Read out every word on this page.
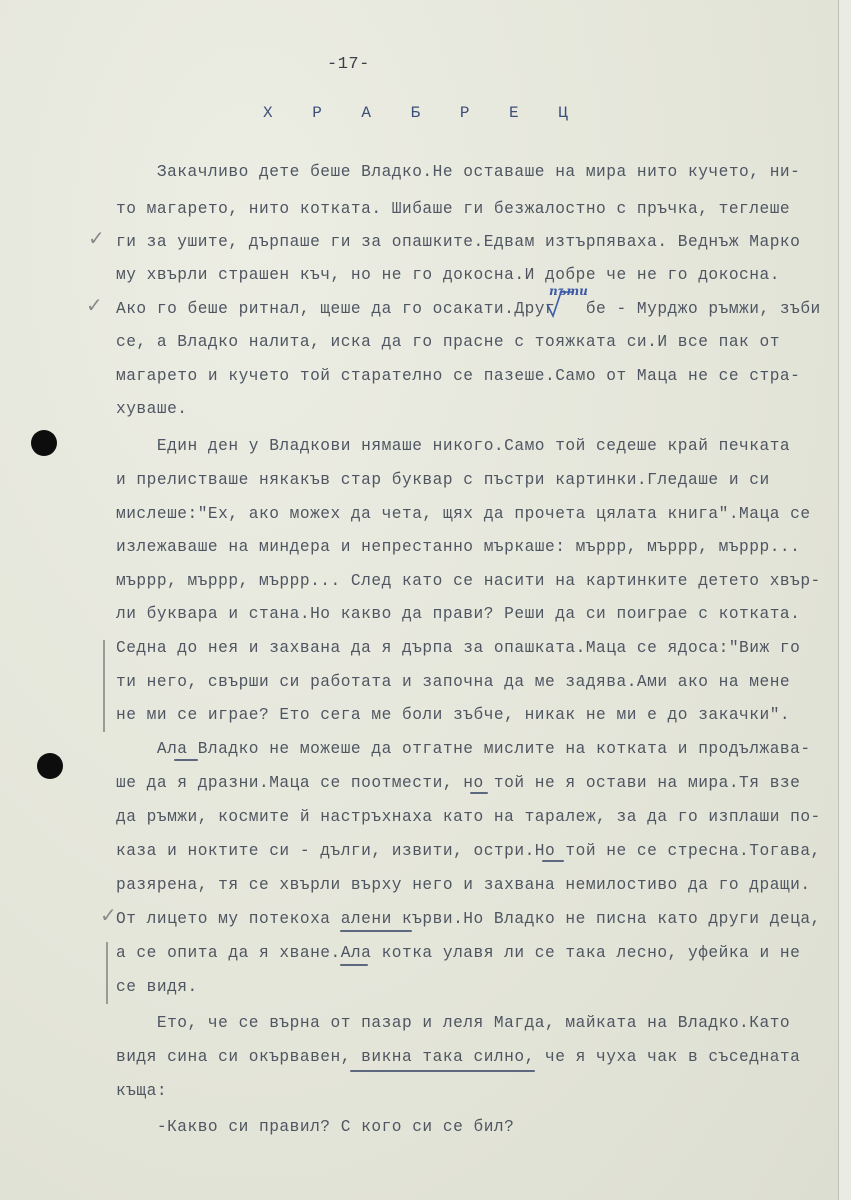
-17-
Х Р А Б Р Е Ц
Закачливо дете беше Владко.Не оставаше на мира нито кучето, ни-
то магарето, нито котката. Шибаше ги безжалостно с пръчка, теглеше
ги за ушите, дърпаше ги за опашките.Едвам изтърпяваха. Веднъж Марко
му хвърли страшен къч, но не го докосна.И добре че не го докосна.
Ако го беше ритнал, щеше да го осакати.Друг   бе - Мурджо ръмжи, зъби
се, а Владко налита, иска да го прасне с тояжката си.И все пак от
магарето и кучето той старателно се пазеше.Само от Маца не се стра-
хуваше.
Един ден у Владкови нямаше никого.Само той седеше край печката
и прелистваше някакъв стар буквар с пъстри картинки.Гледаше и си
мислеше:"Ех, ако можех да чета, щях да прочета цялата книга".Маца се
излежаваше на миндера и непрестанно мъркаше: мъррр, мъррр, мъррр...
мъррр, мъррр, мъррр... След като се насити на картинките детето хвър-
ли буквара и стана.Но какво да прави? Реши да си поиграе с котката.
Седна до нея и захвана да я дърпа за опашката.Маца се ядоса:"Виж го
ти него, свърши си работата и започна да ме задява.Ами ако на мене
не ми се играе? Ето сега ме боли зъбче, никак не ми е до закачки".
Ала Владко не можеше да отгатне мислите на котката и продължава-
ше да я дразни.Маца се поотмести, но той не я остави на мира.Тя взе
да ръмжи, космите й настръхнаха като на таралеж, за да го изплаши по-
каза и ноктите си - дълги, извити, остри.Но той не се стресна.Тогава,
разярена, тя се хвърли върху него и захвана немилостиво да го дращи.
От лицето му потекоха алени кърви.Но Владко не писна като други деца,
а се опита да я хване.Ала котка улавя ли се така лесно, уфейка и не
се видя.
Ето, че се върна от пазар и леля Магда, майката на Владко.Като
видя сина си окървавен, викна така силно, че я чуха чак в съседната
къща:
-Какво си правил? С кого си се бил?
пъти
✓
✓
✓
